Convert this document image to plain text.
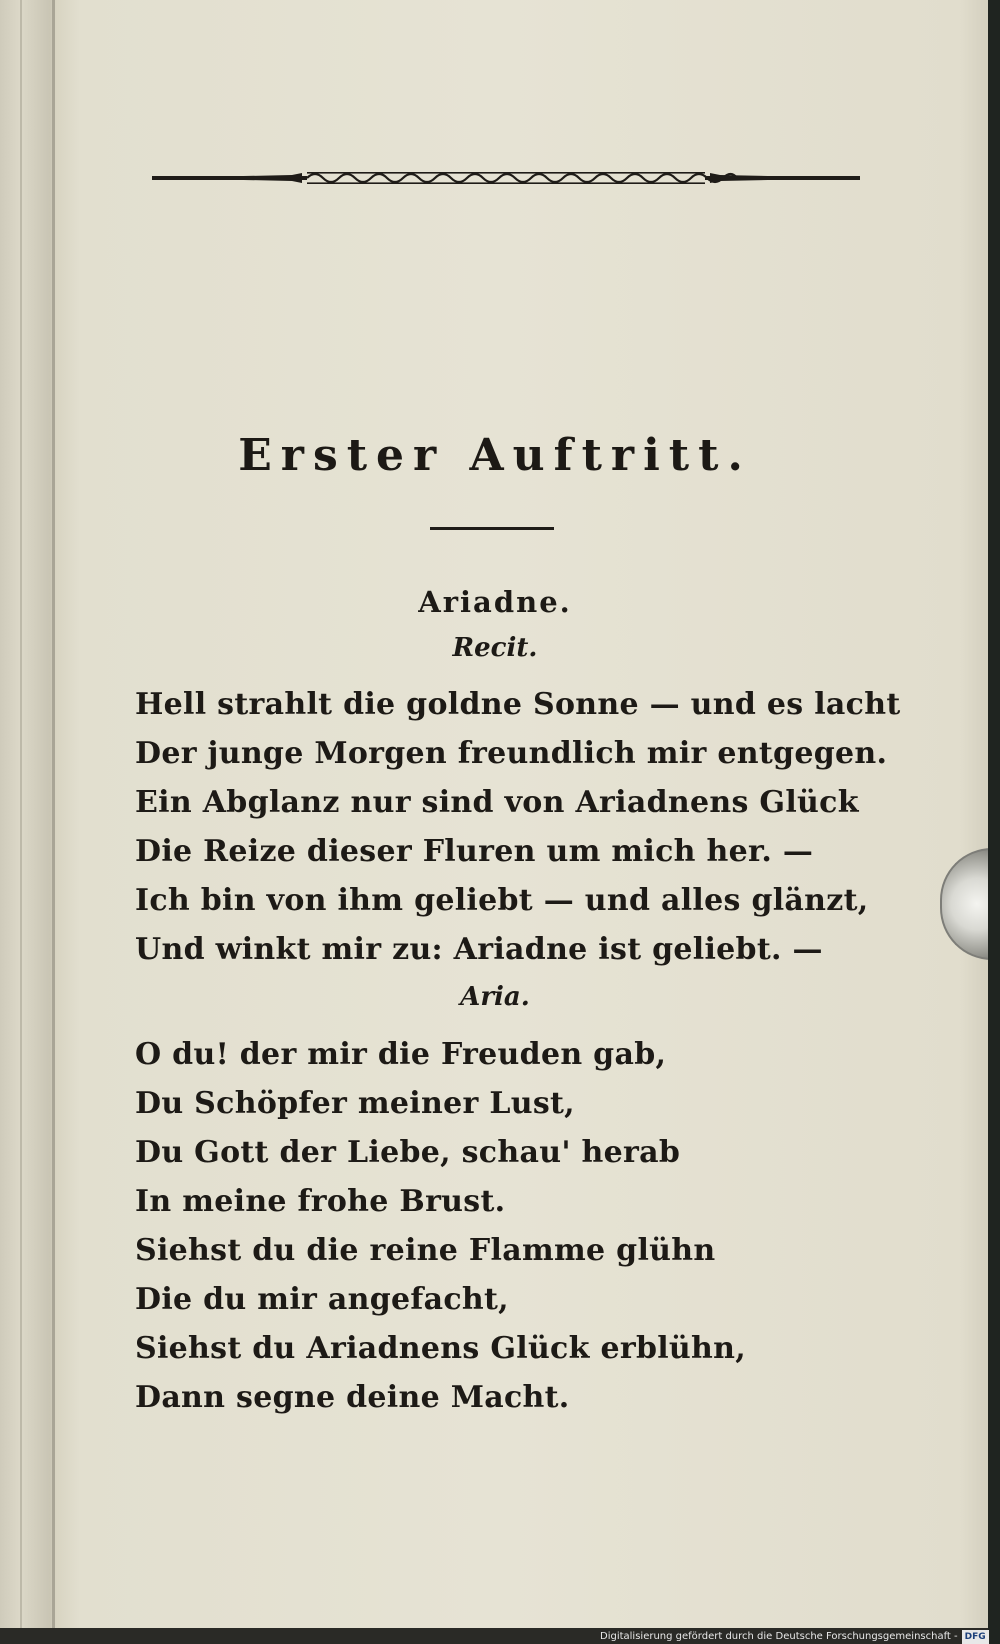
Erster Auftritt.
Ariadne.
Recit.
Hell strahlt die goldne Sonne — und es lacht
Der junge Morgen freundlich mir entgegen.
Ein Abglanz nur sind von Ariadnens Glück
Die Reize dieser Fluren um mich her. —
Ich bin von ihm geliebt — und alles glänzt,
Und winkt mir zu: Ariadne ist geliebt. —
Aria.
O du! der mir die Freuden gab,
Du Schöpfer meiner Lust,
Du Gott der Liebe, schau' herab
In meine frohe Brust.
Siehst du die reine Flamme glühn
Die du mir angefacht,
Siehst du Ariadnens Glück erblühn,
Dann segne deine Macht.
Digitalisierung gefördert durch die Deutsche Forschungsgemeinschaft - DFG
